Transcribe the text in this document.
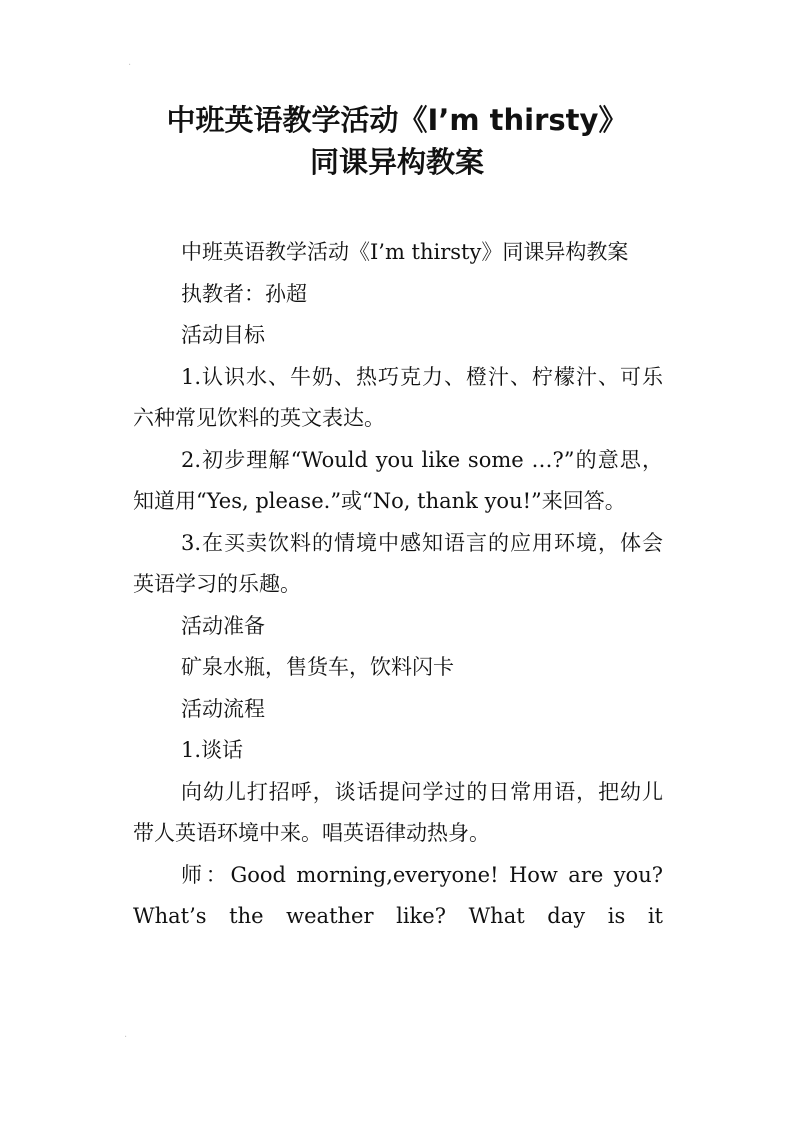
·
中班英语教学活动《I’m thirsty》
同课异构教案

中班英语教学活动《I’m thirsty》同课异构教案

执教者：孙超

活动目标

1.认识水、牛奶、热巧克力、橙汁、柠檬汁、可乐六种常见饮料的英文表达。

2.初步理解“Would you like some …?”的意思，知道用“Yes, please.”或“No, thank you!”来回答。

3.在买卖饮料的情境中感知语言的应用环境，体会英语学习的乐趣。

活动准备

矿泉水瓶，售货车，饮料闪卡

活动流程

1.谈话

向幼儿打招呼，谈话提问学过的日常用语，把幼儿带人英语环境中来。唱英语律动热身。

师：Good morning,everyone! How are you? What’s the weather like? What day is it

·
